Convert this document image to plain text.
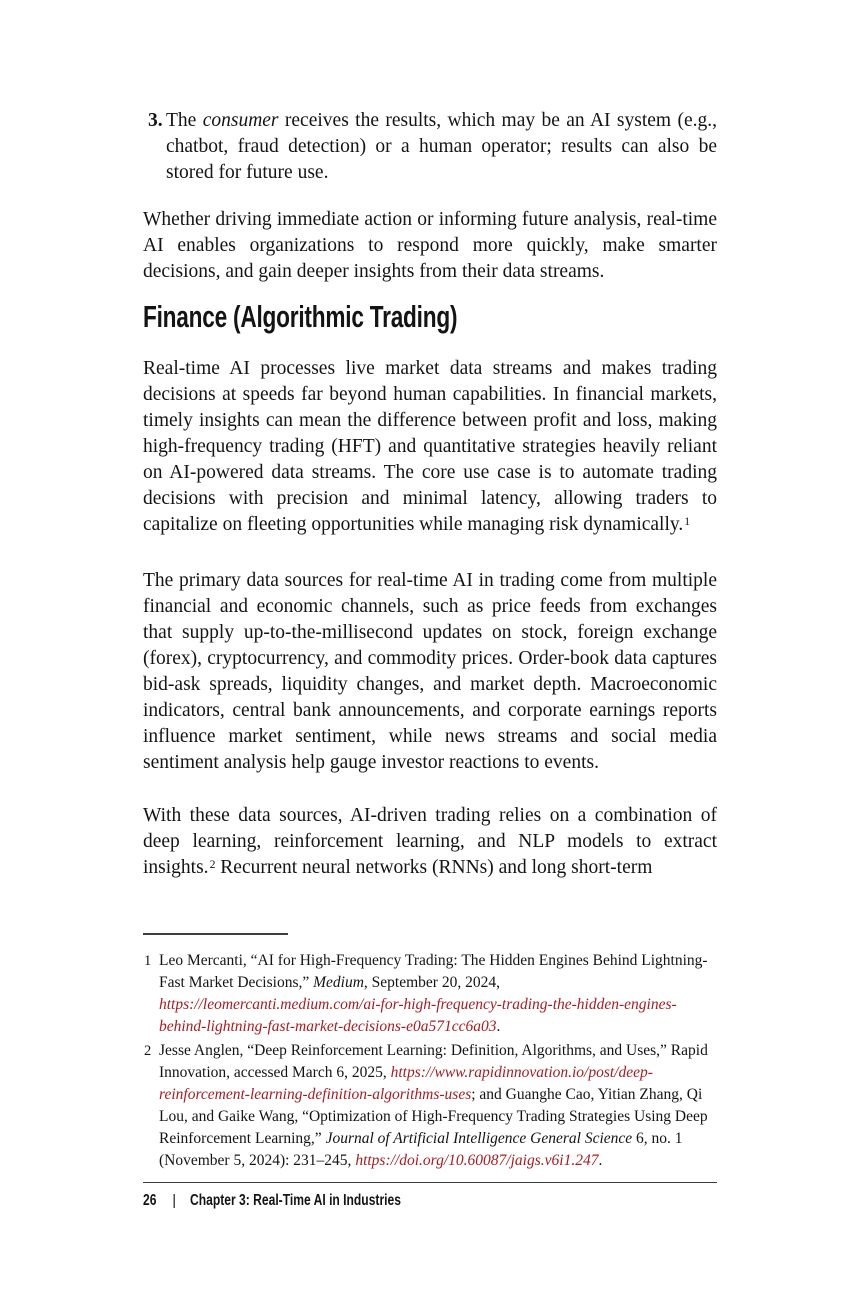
3. The consumer receives the results, which may be an AI system (e.g., chatbot, fraud detection) or a human operator; results can also be stored for future use.

Whether driving immediate action or informing future analysis, real-time AI enables organizations to respond more quickly, make smarter decisions, and gain deeper insights from their data streams.

Finance (Algorithmic Trading)

Real-time AI processes live market data streams and makes trading decisions at speeds far beyond human capabilities. In financial markets, timely insights can mean the difference between profit and loss, making high-frequency trading (HFT) and quantitative strategies heavily reliant on AI-powered data streams. The core use case is to automate trading decisions with precision and minimal latency, allowing traders to capitalize on fleeting opportunities while managing risk dynamically.$^1$

The primary data sources for real-time AI in trading come from multiple financial and economic channels, such as price feeds from exchanges that supply up-to-the-millisecond updates on stock, foreign exchange (forex), cryptocurrency, and commodity prices. Order-book data captures bid-ask spreads, liquidity changes, and market depth. Macroeconomic indicators, central bank announcements, and corporate earnings reports influence market sentiment, while news streams and social media sentiment analysis help gauge investor reactions to events.

With these data sources, AI-driven trading relies on a combination of deep learning, reinforcement learning, and NLP models to extract insights.$^2$ Recurrent neural networks (RNNs) and long short-term

1 Leo Mercanti, “AI for High-Frequency Trading: The Hidden Engines Behind Lightning-Fast Market Decisions,” Medium, September 20, 2024, https://leomercanti.medium.com/ai-for-high-frequency-trading-the-hidden-engines-behind-lightning-fast-market-decisions-e0a571cc6a03.

2 Jesse Anglen, “Deep Reinforcement Learning: Definition, Algorithms, and Uses,” Rapid Innovation, accessed March 6, 2025, https://www.rapidinnovation.io/post/deep-reinforcement-learning-definition-algorithms-uses; and Guanghe Cao, Yitian Zhang, Qi Lou, and Gaike Wang, “Optimization of High-Frequency Trading Strategies Using Deep Reinforcement Learning,” Journal of Artificial Intelligence General Science 6, no. 1 (November 5, 2024): 231–245, https://doi.org/10.60087/jaigs.v6i1.247.

26 | Chapter 3: Real-Time AI in Industries
